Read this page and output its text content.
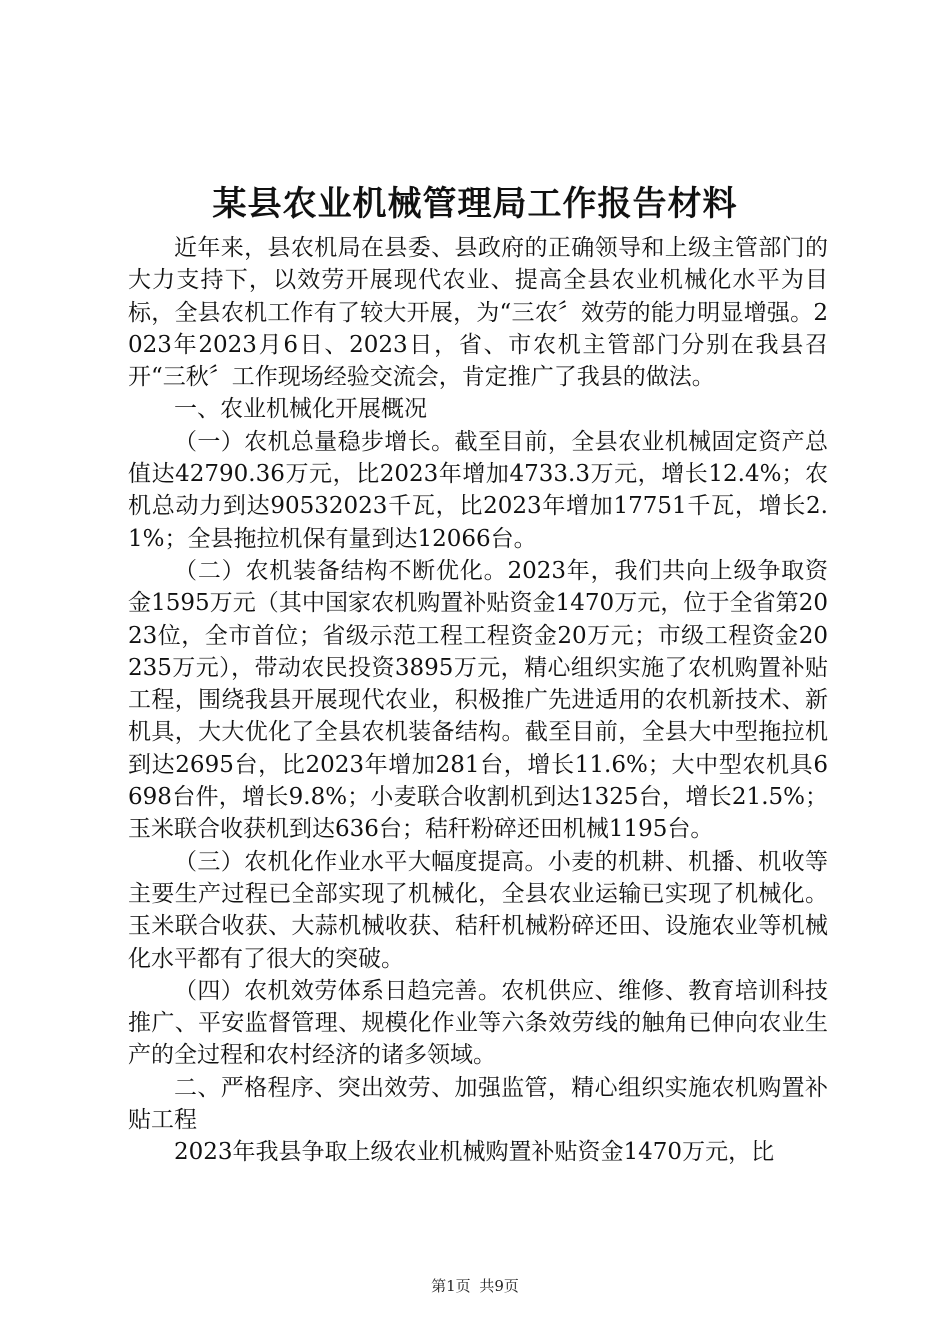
某县农业机械管理局工作报告材料

近年来，县农机局在县委、县政府的正确领导和上级主管部门的大力支持下，以效劳开展现代农业、提高全县农业机械化水平为目标，全县农机工作有了较大开展，为“三农〞效劳的能力明显增强。2023年2023月6日、2023日，省、市农机主管部门分别在我县召开“三秋〞工作现场经验交流会，肯定推广了我县的做法。

一、农业机械化开展概况

（一）农机总量稳步增长。截至目前，全县农业机械固定资产总值达42790.36万元，比2023年增加4733.3万元，增长12.4%；农机总动力到达90532023千瓦，比2023年增加17751千瓦，增长2.1%；全县拖拉机保有量到达12066台。

（二）农机装备结构不断优化。2023年，我们共向上级争取资金1595万元（其中国家农机购置补贴资金1470万元，位于全省第2023位，全市首位；省级示范工程工程资金20万元；市级工程资金20235万元），带动农民投资3895万元，精心组织实施了农机购置补贴工程，围绕我县开展现代农业，积极推广先进适用的农机新技术、新机具，大大优化了全县农机装备结构。截至目前，全县大中型拖拉机到达2695台，比2023年增加281台，增长11.6%；大中型农机具6698台件，增长9.8%；小麦联合收割机到达1325台，增长21.5%；玉米联合收获机到达636台；秸秆粉碎还田机械1195台。

（三）农机化作业水平大幅度提高。小麦的机耕、机播、机收等主要生产过程已全部实现了机械化，全县农业运输已实现了机械化。玉米联合收获、大蒜机械收获、秸秆机械粉碎还田、设施农业等机械化水平都有了很大的突破。

（四）农机效劳体系日趋完善。农机供应、维修、教育培训科技推广、平安监督管理、规模化作业等六条效劳线的触角已伸向农业生产的全过程和农村经济的诸多领域。

二、严格程序、突出效劳、加强监管，精心组织实施农机购置补贴工程

2023年我县争取上级农业机械购置补贴资金1470万元，比

第1页 共9页
